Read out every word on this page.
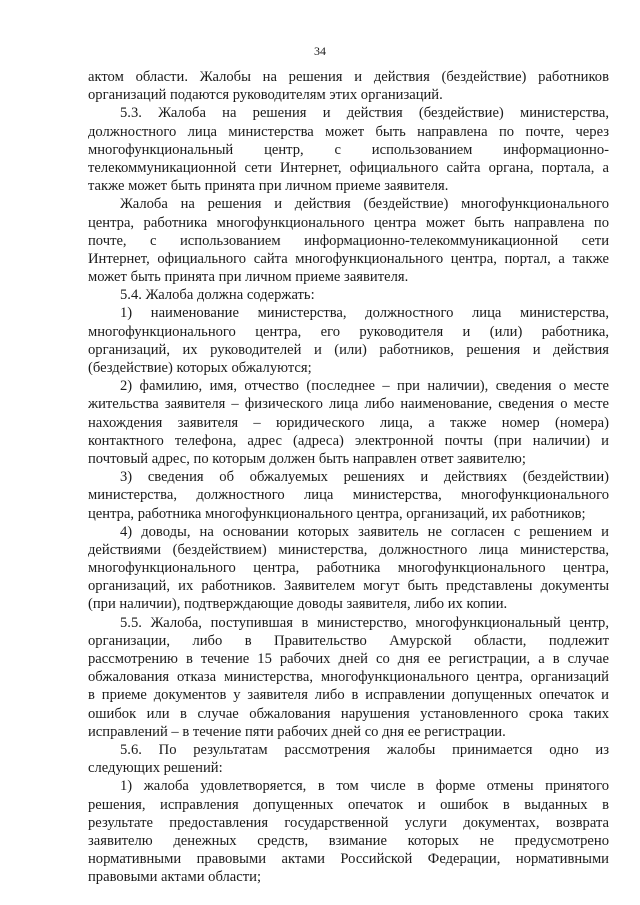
34
актом области. Жалобы на решения и действия (бездействие) работников
организаций подаются руководителям этих организаций.
5.3. Жалоба на решения и действия (бездействие) министерства,
должностного лица министерства может быть направлена по почте, через
многофункциональный центр, с использованием информационно-
телекоммуникационной сети Интернет, официального сайта органа, портала, а
также может быть принята при личном приеме заявителя.
Жалоба на решения и действия (бездействие) многофункционального
центра, работника многофункционального центра может быть направлена по
почте, с использованием информационно-телекоммуникационной сети
Интернет, официального сайта многофункционального центра, портал, а также
может быть принята при личном приеме заявителя.
5.4. Жалоба должна содержать:
1) наименование министерства, должностного лица министерства,
многофункционального центра, его руководителя и (или) работника,
организаций, их руководителей и (или) работников, решения и действия
(бездействие) которых обжалуются;
2) фамилию, имя, отчество (последнее – при наличии), сведения о месте
жительства заявителя – физического лица либо наименование, сведения о месте
нахождения заявителя – юридического лица, а также номер (номера)
контактного телефона, адрес (адреса) электронной почты (при наличии) и
почтовый адрес, по которым должен быть направлен ответ заявителю;
3) сведения об обжалуемых решениях и действиях (бездействии)
министерства, должностного лица министерства, многофункционального
центра, работника многофункционального центра, организаций, их работников;
4) доводы, на основании которых заявитель не согласен с решением и
действиями (бездействием) министерства, должностного лица министерства,
многофункционального центра, работника многофункционального центра,
организаций, их работников. Заявителем могут быть представлены документы
(при наличии), подтверждающие доводы заявителя, либо их копии.
5.5. Жалоба, поступившая в министерство, многофункциональный центр,
организации, либо в Правительство Амурской области, подлежит
рассмотрению в течение 15 рабочих дней со дня ее регистрации, а в случае
обжалования отказа министерства, многофункционального центра, организаций
в приеме документов у заявителя либо в исправлении допущенных опечаток и
ошибок или в случае обжалования нарушения установленного срока таких
исправлений – в течение пяти рабочих дней со дня ее регистрации.
5.6. По результатам рассмотрения жалобы принимается одно из
следующих решений:
1) жалоба удовлетворяется, в том числе в форме отмены принятого
решения, исправления допущенных опечаток и ошибок в выданных в
результате предоставления государственной услуги документах, возврата
заявителю денежных средств, взимание которых не предусмотрено
нормативными правовыми актами Российской Федерации, нормативными
правовыми актами области;
